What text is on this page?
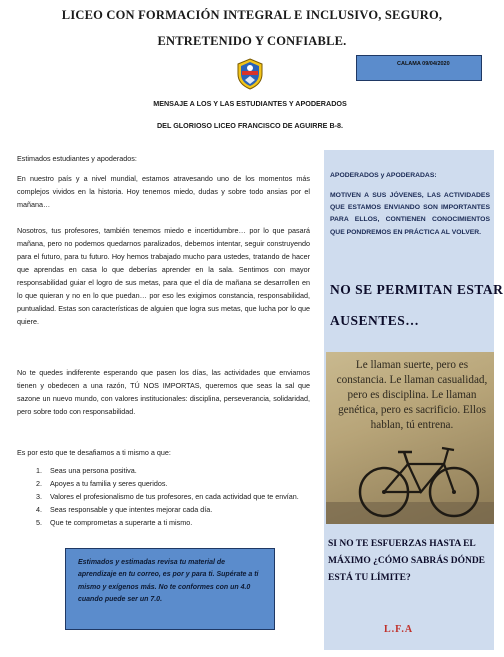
LICEO CON FORMACIÓN INTEGRAL E INCLUSIVO, SEGURO,
ENTRETENIDO Y CONFIABLE.
CALAMA 09/04/2020
MENSAJE A LOS Y LAS ESTUDIANTES Y APODERADOS
DEL GLORIOSO LICEO FRANCISCO DE AGUIRRE B-8.
Estimados estudiantes y apoderados:
En nuestro país y a nivel mundial, estamos atravesando uno de los momentos más complejos vividos en la historia. Hoy tenemos miedo, dudas y sobre todo ansias por el mañana…
Nosotros, tus profesores, también tenemos miedo e incertidumbre… por lo que pasará mañana, pero no podemos quedarnos paralizados, debemos intentar, seguir construyendo para el futuro, para tu futuro. Hoy hemos trabajado mucho para ustedes, tratando de hacer que aprendas en casa lo que deberías aprender en la sala. Sentimos con mayor responsabilidad guiar el logro de sus metas, para que el día de mañana se desarrollen en lo que quieran y no en lo que puedan… por eso les exigimos constancia, responsabilidad, puntualidad. Estas son características de alguien que logra sus metas, que lucha por lo que quiere.
No te quedes indiferente esperando que pasen los días, las actividades que enviamos tienen y obedecen a una razón, TÚ NOS IMPORTAS, queremos que seas la sal que sazone un nuevo mundo, con valores institucionales: disciplina, perseverancia, solidaridad, pero sobre todo con responsabilidad.
Es por esto que te desafiamos a ti mismo a que:
1. Seas una persona positiva.
2. Apoyes a tu familia y seres queridos.
3. Valores el profesionalismo de tus profesores, en cada actividad que te envían.
4. Seas responsable y que intentes mejorar cada día.
5. Que te comprometas a superarte a ti mismo.
Estimados y estimadas revisa tu material de aprendizaje en tu correo, es por y para ti. Supérate a ti mismo y exígenos más. No te conformes con un 4.0 cuando puede ser un 7.0.
APODERADOS y APODERADAS:
MOTIVEN A SUS JÓVENES, LAS ACTIVIDADES QUE ESTAMOS ENVIANDO SON IMPORTANTES PARA ELLOS, CONTIENEN CONOCIMIENTOS QUE PONDREMOS EN PRÁCTICA AL VOLVER.
NO SE PERMITAN ESTAR
AUSENTES…
Le llaman suerte, pero es constancia. Le llaman casualidad, pero es disciplina. Le llaman genética, pero es sacrificio. Ellos hablan, tú entrena.
SI NO TE ESFUERZAS HASTA EL MÁXIMO ¿CÓMO SABRÁS DÓNDE ESTÁ TU LÍMITE?
L.F.A
